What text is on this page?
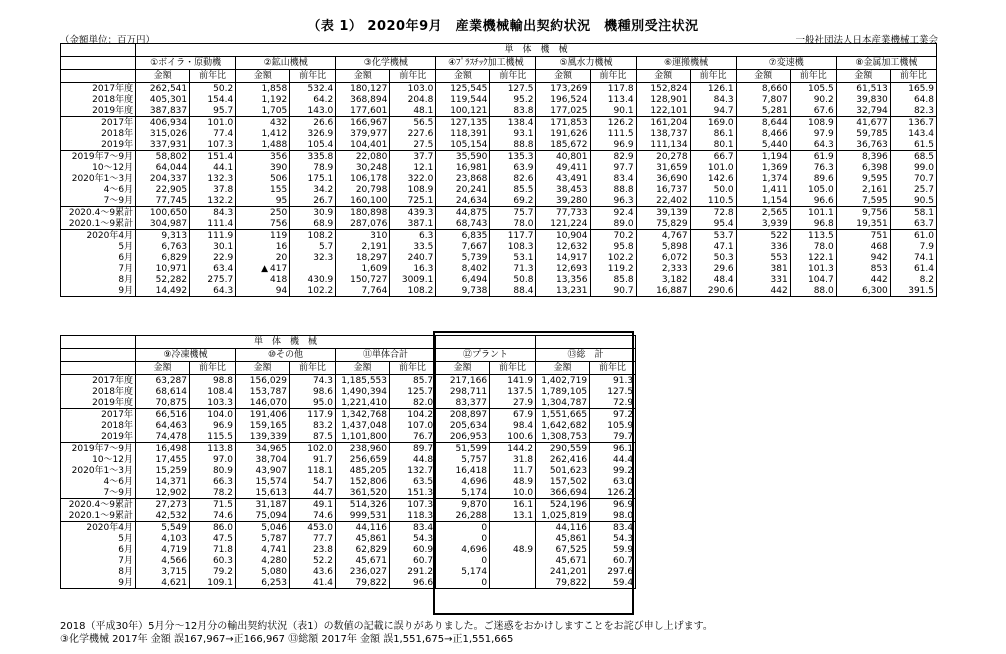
（表 1） 2020年9月　産業機械輸出契約状況　機種別受注状況
（金額単位：百万円）	一般社団法人日本産業機械工業会
	単　体　機　械															
	①ボイラ・原動機		②鉱山機械		③化学機械		④ﾌﾟﾗｽﾁｯｸ加工機械		⑤風水力機械		⑥運搬機械		⑦変速機		⑧金属加工機械	
	金額	前年比	金額	前年比	金額	前年比	金額	前年比	金額	前年比	金額	前年比	金額	前年比	金額	前年比
2017年度	262,541	50.2	1,858	532.4	180,127	103.0	125,545	127.5	173,269	117.8	152,824	126.1	8,660	105.5	61,513	165.9
2018年度	405,301	154.4	1,192	64.2	368,894	204.8	119,544	95.2	196,524	113.4	128,901	84.3	7,807	90.2	39,830	64.8
2019年度	387,837	95.7	1,705	143.0	177,601	48.1	100,121	83.8	177,025	90.1	122,101	94.7	5,281	67.6	32,794	82.3
2017年	406,934	101.0	432	26.6	166,967	56.5	127,135	138.4	171,853	126.2	161,204	169.0	8,644	108.9	41,677	136.7
2018年	315,026	77.4	1,412	326.9	379,977	227.6	118,391	93.1	191,626	111.5	138,737	86.1	8,466	97.9	59,785	143.4
2019年	337,931	107.3	1,488	105.4	104,401	27.5	105,154	88.8	185,672	96.9	111,134	80.1	5,440	64.3	36,763	61.5
2019年7～9月	58,802	151.4	356	335.8	22,080	37.7	35,590	135.3	40,801	82.9	20,278	66.7	1,194	61.9	8,396	68.5
10～12月	64,044	44.1	390	78.9	30,248	12.1	16,981	63.9	49,411	97.7	31,659	101.0	1,369	76.3	6,398	99.0
2020年1～3月	204,337	132.3	506	175.1	106,178	322.0	23,868	82.6	43,491	83.4	36,690	142.6	1,374	89.6	9,595	70.7
4～6月	22,905	37.8	155	34.2	20,798	108.9	20,241	85.5	38,453	88.8	16,737	50.0	1,411	105.0	2,161	25.7
7～9月	77,745	132.2	95	26.7	160,100	725.1	24,634	69.2	39,280	96.3	22,402	110.5	1,154	96.6	7,595	90.5
2020.4～9累計	100,650	84.3	250	30.9	180,898	439.3	44,875	75.7	77,733	92.4	39,139	72.8	2,565	101.1	9,756	58.1
2020.1～9累計	304,987	111.4	756	68.9	287,076	387.1	68,743	78.0	121,224	89.0	75,829	95.4	3,939	96.8	19,351	63.7
2020年4月	9,313	111.9	119	108.2	310	6.3	6,835	117.7	10,904	70.2	4,767	53.7	522	113.5	751	61.0
5月	6,763	30.1	16	5.7	2,191	33.5	7,667	108.3	12,632	95.8	5,898	47.1	336	78.0	468	7.9
6月	6,829	22.9	20	32.3	18,297	240.7	5,739	53.1	14,917	102.2	6,072	50.3	553	122.1	942	74.1
7月	10,971	63.4	▲ 417		1,609	16.3	8,402	71.3	12,693	119.2	2,333	29.6	381	101.3	853	61.4
8月	52,282	275.7	418	430.9	150,727	3009.1	6,494	50.8	13,356	85.8	3,182	48.4	331	104.7	442	8.2
9月	14,492	64.3	94	102.2	7,764	108.2	9,738	88.4	13,231	90.7	16,887	290.6	442	88.0	6,300	391.5
	単　体　機　械									
	⑨冷凍機械		⑩その他		⑪単体合計		⑫プラント		⑬総　計	
	金額	前年比	金額	前年比	金額	前年比	金額	前年比	金額	前年比
2017年度	63,287	98.8	156,029	74.3	1,185,553	85.7	217,166	141.9	1,402,719	91.3
2018年度	68,614	108.4	153,787	98.6	1,490,394	125.7	298,711	137.5	1,789,105	127.5
2019年度	70,875	103.3	146,070	95.0	1,221,410	82.0	83,377	27.9	1,304,787	72.9
2017年	66,516	104.0	191,406	117.9	1,342,768	104.2	208,897	67.9	1,551,665	97.2
2018年	64,463	96.9	159,165	83.2	1,437,048	107.0	205,634	98.4	1,642,682	105.9
2019年	74,478	115.5	139,339	87.5	1,101,800	76.7	206,953	100.6	1,308,753	79.7
2019年7～9月	16,498	113.8	34,965	102.0	238,960	89.7	51,599	144.2	290,559	96.1
10～12月	17,455	97.0	38,704	91.7	256,659	44.8	5,757	31.8	262,416	44.4
2020年1～3月	15,259	80.9	43,907	118.1	485,205	132.7	16,418	11.7	501,623	99.2
4～6月	14,371	66.3	15,574	54.7	152,806	63.5	4,696	48.9	157,502	63.0
7～9月	12,902	78.2	15,613	44.7	361,520	151.3	5,174	10.0	366,694	126.2
2020.4～9累計	27,273	71.5	31,187	49.1	514,326	107.3	9,870	16.1	524,196	96.9
2020.1～9累計	42,532	74.6	75,094	74.6	999,531	118.3	26,288	13.1	1,025,819	98.0
2020年4月	5,549	86.0	5,046	453.0	44,116	83.4	0		44,116	83.4
5月	4,103	47.5	5,787	77.7	45,861	54.3	0		45,861	54.3
6月	4,719	71.8	4,741	23.8	62,829	60.9	4,696	48.9	67,525	59.9
7月	4,566	60.3	4,280	52.2	45,671	60.7	0		45,671	60.7
8月	3,715	79.2	5,080	43.6	236,027	291.2	5,174		241,201	297.6
9月	4,621	109.1	6,253	41.4	79,822	96.6	0		79,822	59.4
2018（平成30年）5月分～12月分の輸出契約状況（表1）の数値の記載に誤りがありました。ご迷惑をおかけしますことをお詫び申し上げます。
③化学機械 2017年 金額 誤167,967→正166,967 ⑬総額 2017年 金額 誤1,551,675→正1,551,665
